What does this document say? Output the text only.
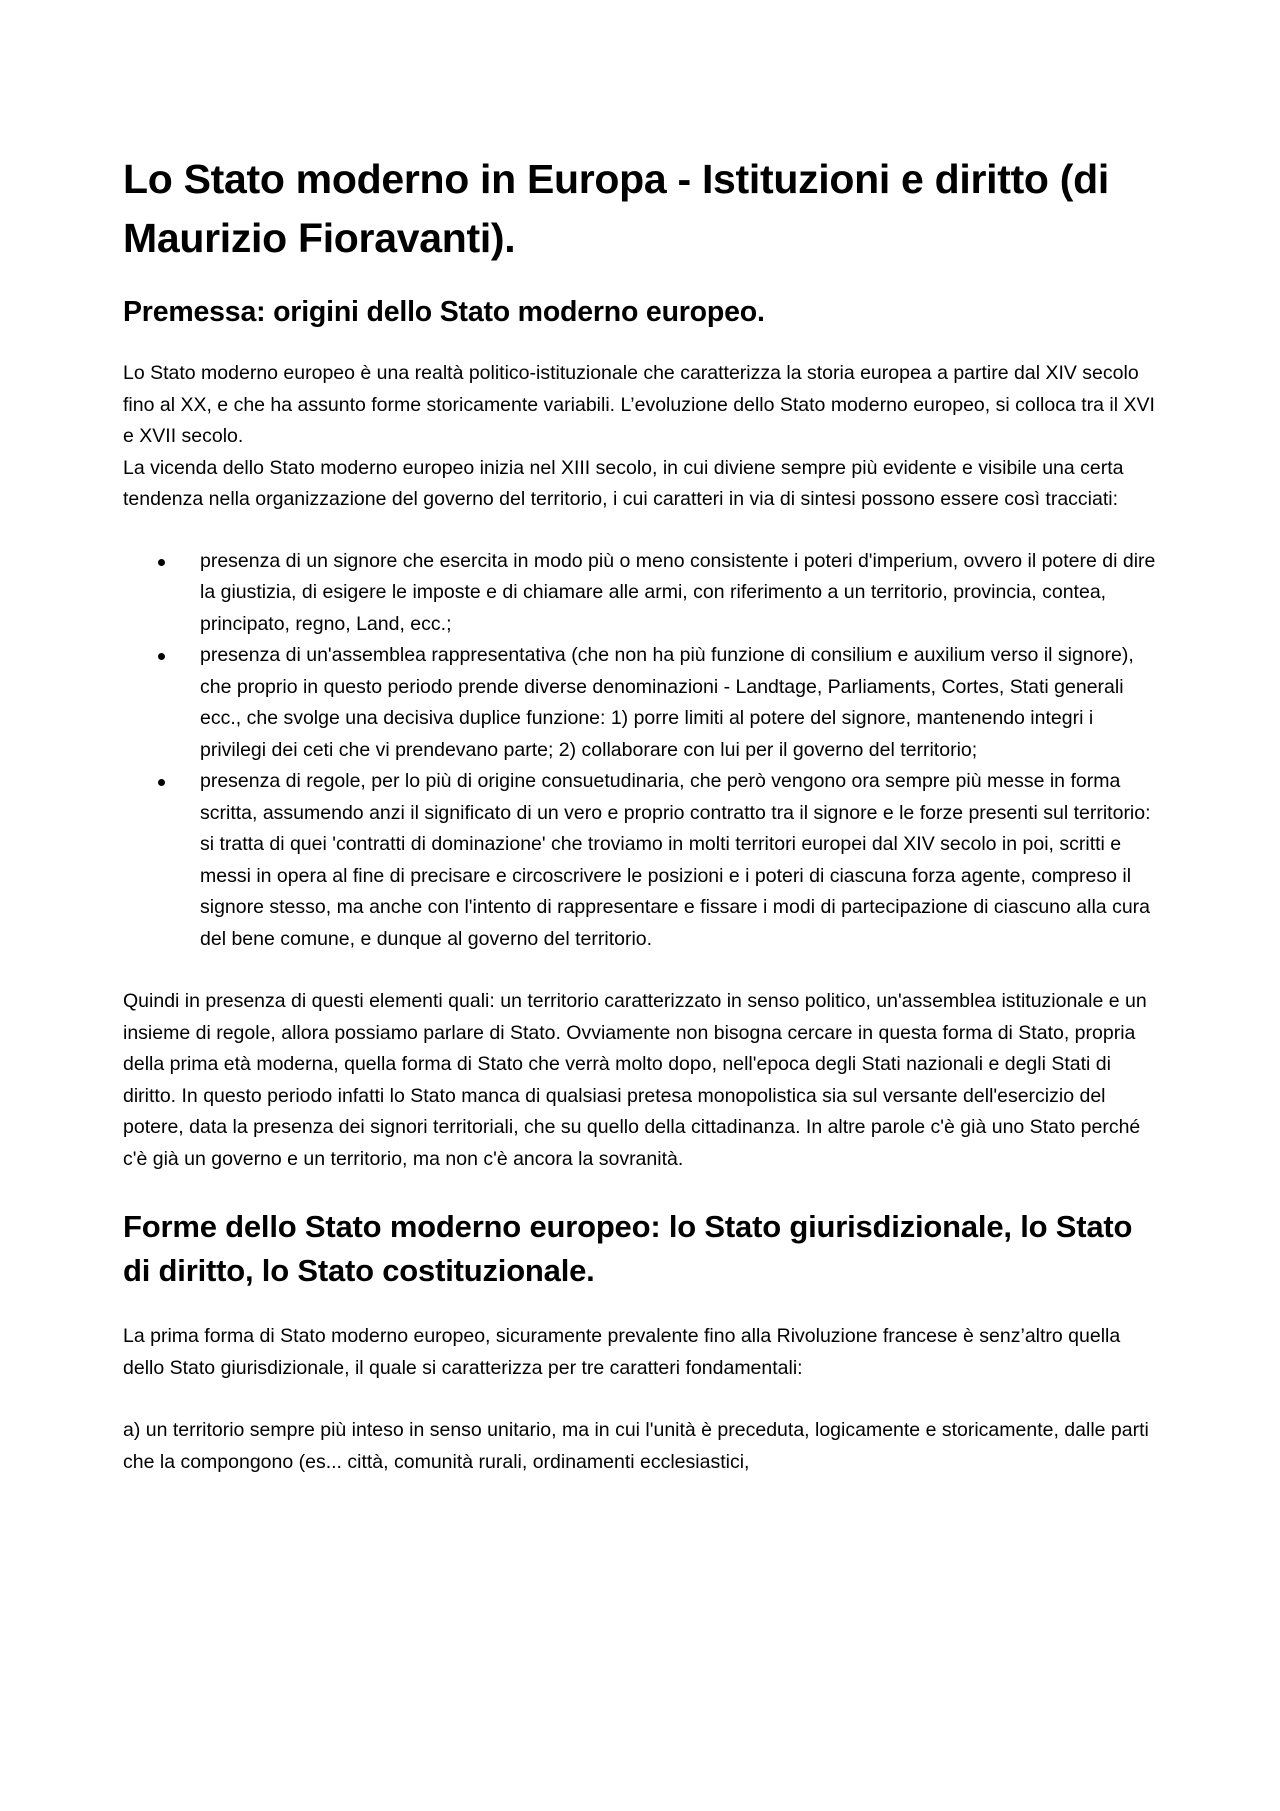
Lo Stato moderno in Europa - Istituzioni e diritto (di Maurizio Fioravanti).
Premessa: origini dello Stato moderno europeo.

Lo Stato moderno europeo è una realtà politico-istituzionale che caratterizza la storia europea a partire dal XIV secolo fino al XX, e che ha assunto forme storicamente variabili. L’evoluzione dello Stato moderno europeo, si colloca tra il XVI e XVII secolo.

La vicenda dello Stato moderno europeo inizia nel XIII secolo, in cui diviene sempre più evidente e visibile una certa tendenza nella organizzazione del governo del territorio, i cui caratteri in via di sintesi possono essere così tracciati:

presenza di un signore che esercita in modo più o meno consistente i poteri d'imperium, ovvero il potere di dire la giustizia, di esigere le imposte e di chiamare alle armi, con riferimento a un territorio, provincia, contea, principato, regno, Land, ecc.;
presenza di un'assemblea rappresentativa (che non ha più funzione di consilium e auxilium verso il signore), che proprio in questo periodo prende diverse denominazioni - Landtage, Parliaments, Cortes, Stati generali ecc., che svolge una decisiva duplice funzione: 1) porre limiti al potere del signore, mantenendo integri i privilegi dei ceti che vi prendevano parte; 2) collaborare con lui per il governo del territorio;
presenza di regole, per lo più di origine consuetudinaria, che però vengono ora sempre più messe in forma scritta, assumendo anzi il significato di un vero e proprio contratto tra il signore e le forze presenti sul territorio: si tratta di quei 'contratti di dominazione' che troviamo in molti territori europei dal XIV secolo in poi, scritti e messi in opera al fine di precisare e circoscrivere le posizioni e i poteri di ciascuna forza agente, compreso il signore stesso, ma anche con l'intento di rappresentare e fissare i modi di partecipazione di ciascuno alla cura del bene comune, e dunque al governo del territorio.

Quindi in presenza di questi elementi quali: un territorio caratterizzato in senso politico, un'assemblea istituzionale e un insieme di regole, allora possiamo parlare di Stato. Ovviamente non bisogna cercare in questa forma di Stato, propria della prima età moderna, quella forma di Stato che verrà molto dopo, nell'epoca degli Stati nazionali e degli Stati di diritto. In questo periodo infatti lo Stato manca di qualsiasi pretesa monopolistica sia sul versante dell'esercizio del potere, data la presenza dei signori territoriali, che su quello della cittadinanza. In altre parole c'è già uno Stato perché c'è già un governo e un territorio, ma non c'è ancora la sovranità.

Forme dello Stato moderno europeo: lo Stato giurisdizionale, lo Stato di diritto, lo Stato costituzionale.

La prima forma di Stato moderno europeo, sicuramente prevalente fino alla Rivoluzione francese è senz’altro quella dello Stato giurisdizionale, il quale si caratterizza per tre caratteri fondamentali:

a) un territorio sempre più inteso in senso unitario, ma in cui l'unità è preceduta, logicamente e storicamente, dalle parti che la compongono (es... città, comunità rurali, ordinamenti ecclesiastici,
